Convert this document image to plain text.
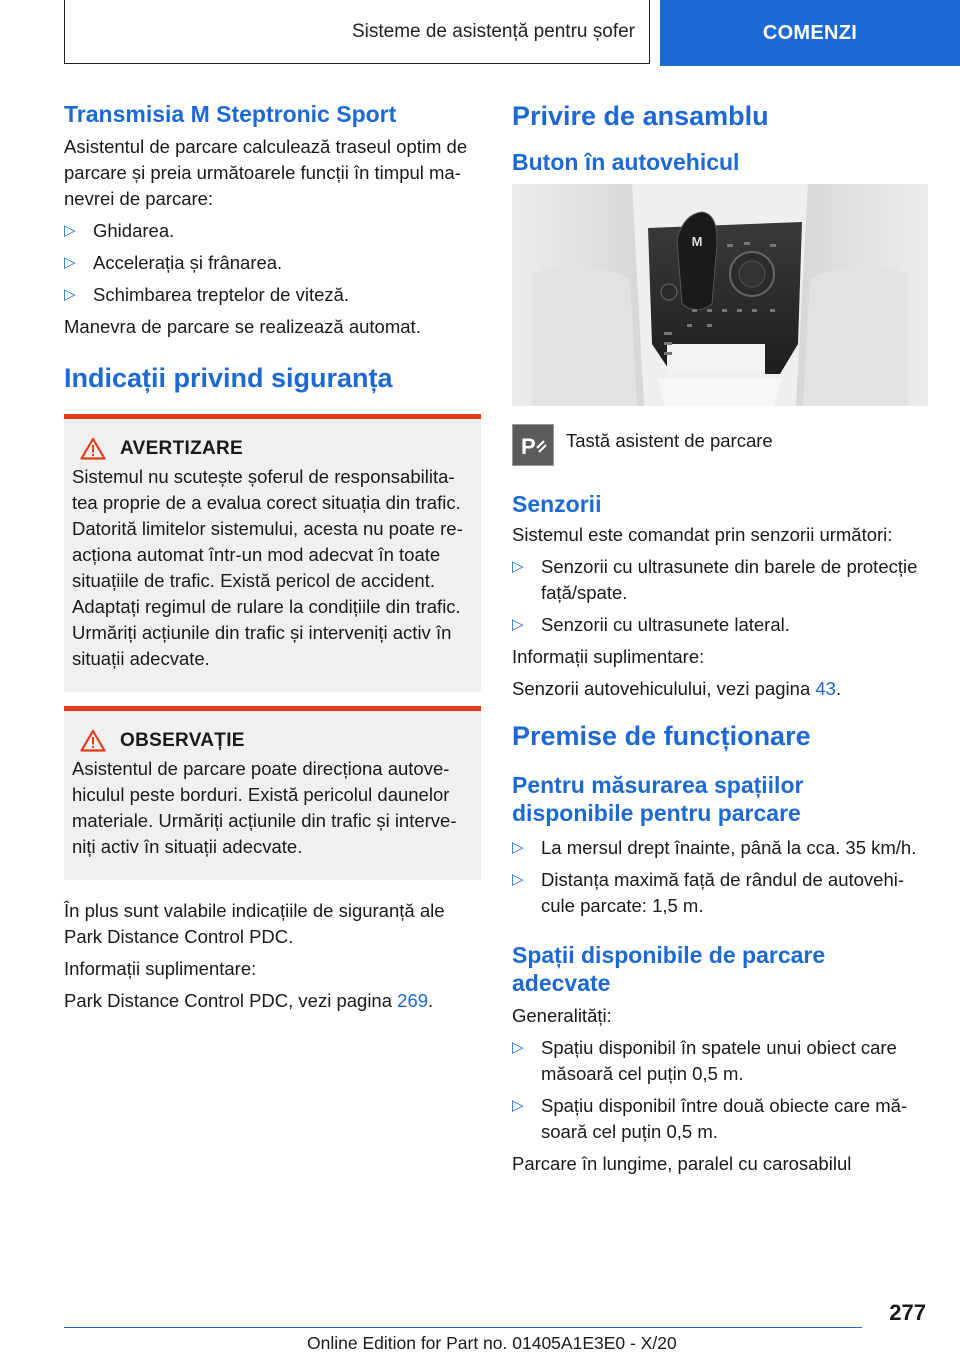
Sisteme de asistență pentru șofer	COMENZI
Transmisia M Steptronic Sport
Asistentul de parcare calculează traseul optim de parcare și preia următoarele funcții în timpul manevrei de parcare:
▷ Ghidarea.
▷ Accelerația și frânarea.
▷ Schimbarea treptelor de viteză.
Manevra de parcare se realizează automat.
Indicații privind siguranța
AVERTIZARE
Sistemul nu scutește șoferul de responsabilitatea proprie de a evalua corect situația din trafic. Datorită limitelor sistemului, acesta nu poate reacționa automat într-un mod adecvat în toate situațiile de trafic. Există pericol de accident. Adaptați regimul de rulare la condițiile din trafic. Urmăriți acțiunile din trafic și interveniți activ în situații adecvate.
OBSERVAȚIE
Asistentul de parcare poate direcționa autovehiculul peste borduri. Există pericolul daunelor materiale. Urmăriți acțiunile din trafic și interveniți activ în situații adecvate.
În plus sunt valabile indicațiile de siguranță ale Park Distance Control PDC.
Informații suplimentare:
Park Distance Control PDC, vezi pagina 269.
Privire de ansamblu
Buton în autovehicul
M
P Tastă asistent de parcare
Senzorii
Sistemul este comandat prin senzorii următori:
▷ Senzorii cu ultrasunete din barele de protecție față/spate.
▷ Senzorii cu ultrasunete lateral.
Informații suplimentare:
Senzorii autovehiculului, vezi pagina 43.
Premise de funcționare
Pentru măsurarea spațiilor disponibile pentru parcare
▷ La mersul drept înainte, până la cca. 35 km/h.
▷ Distanța maximă față de rândul de autovehicule parcate: 1,5 m.
Spații disponibile de parcare adecvate
Generalități:
▷ Spațiu disponibil în spatele unui obiect care măsoară cel puțin 0,5 m.
▷ Spațiu disponibil între două obiecte care măsoară cel puțin 0,5 m.
Parcare în lungime, paralel cu carosabilul
277
Online Edition for Part no. 01405A1E3E0 - X/20
